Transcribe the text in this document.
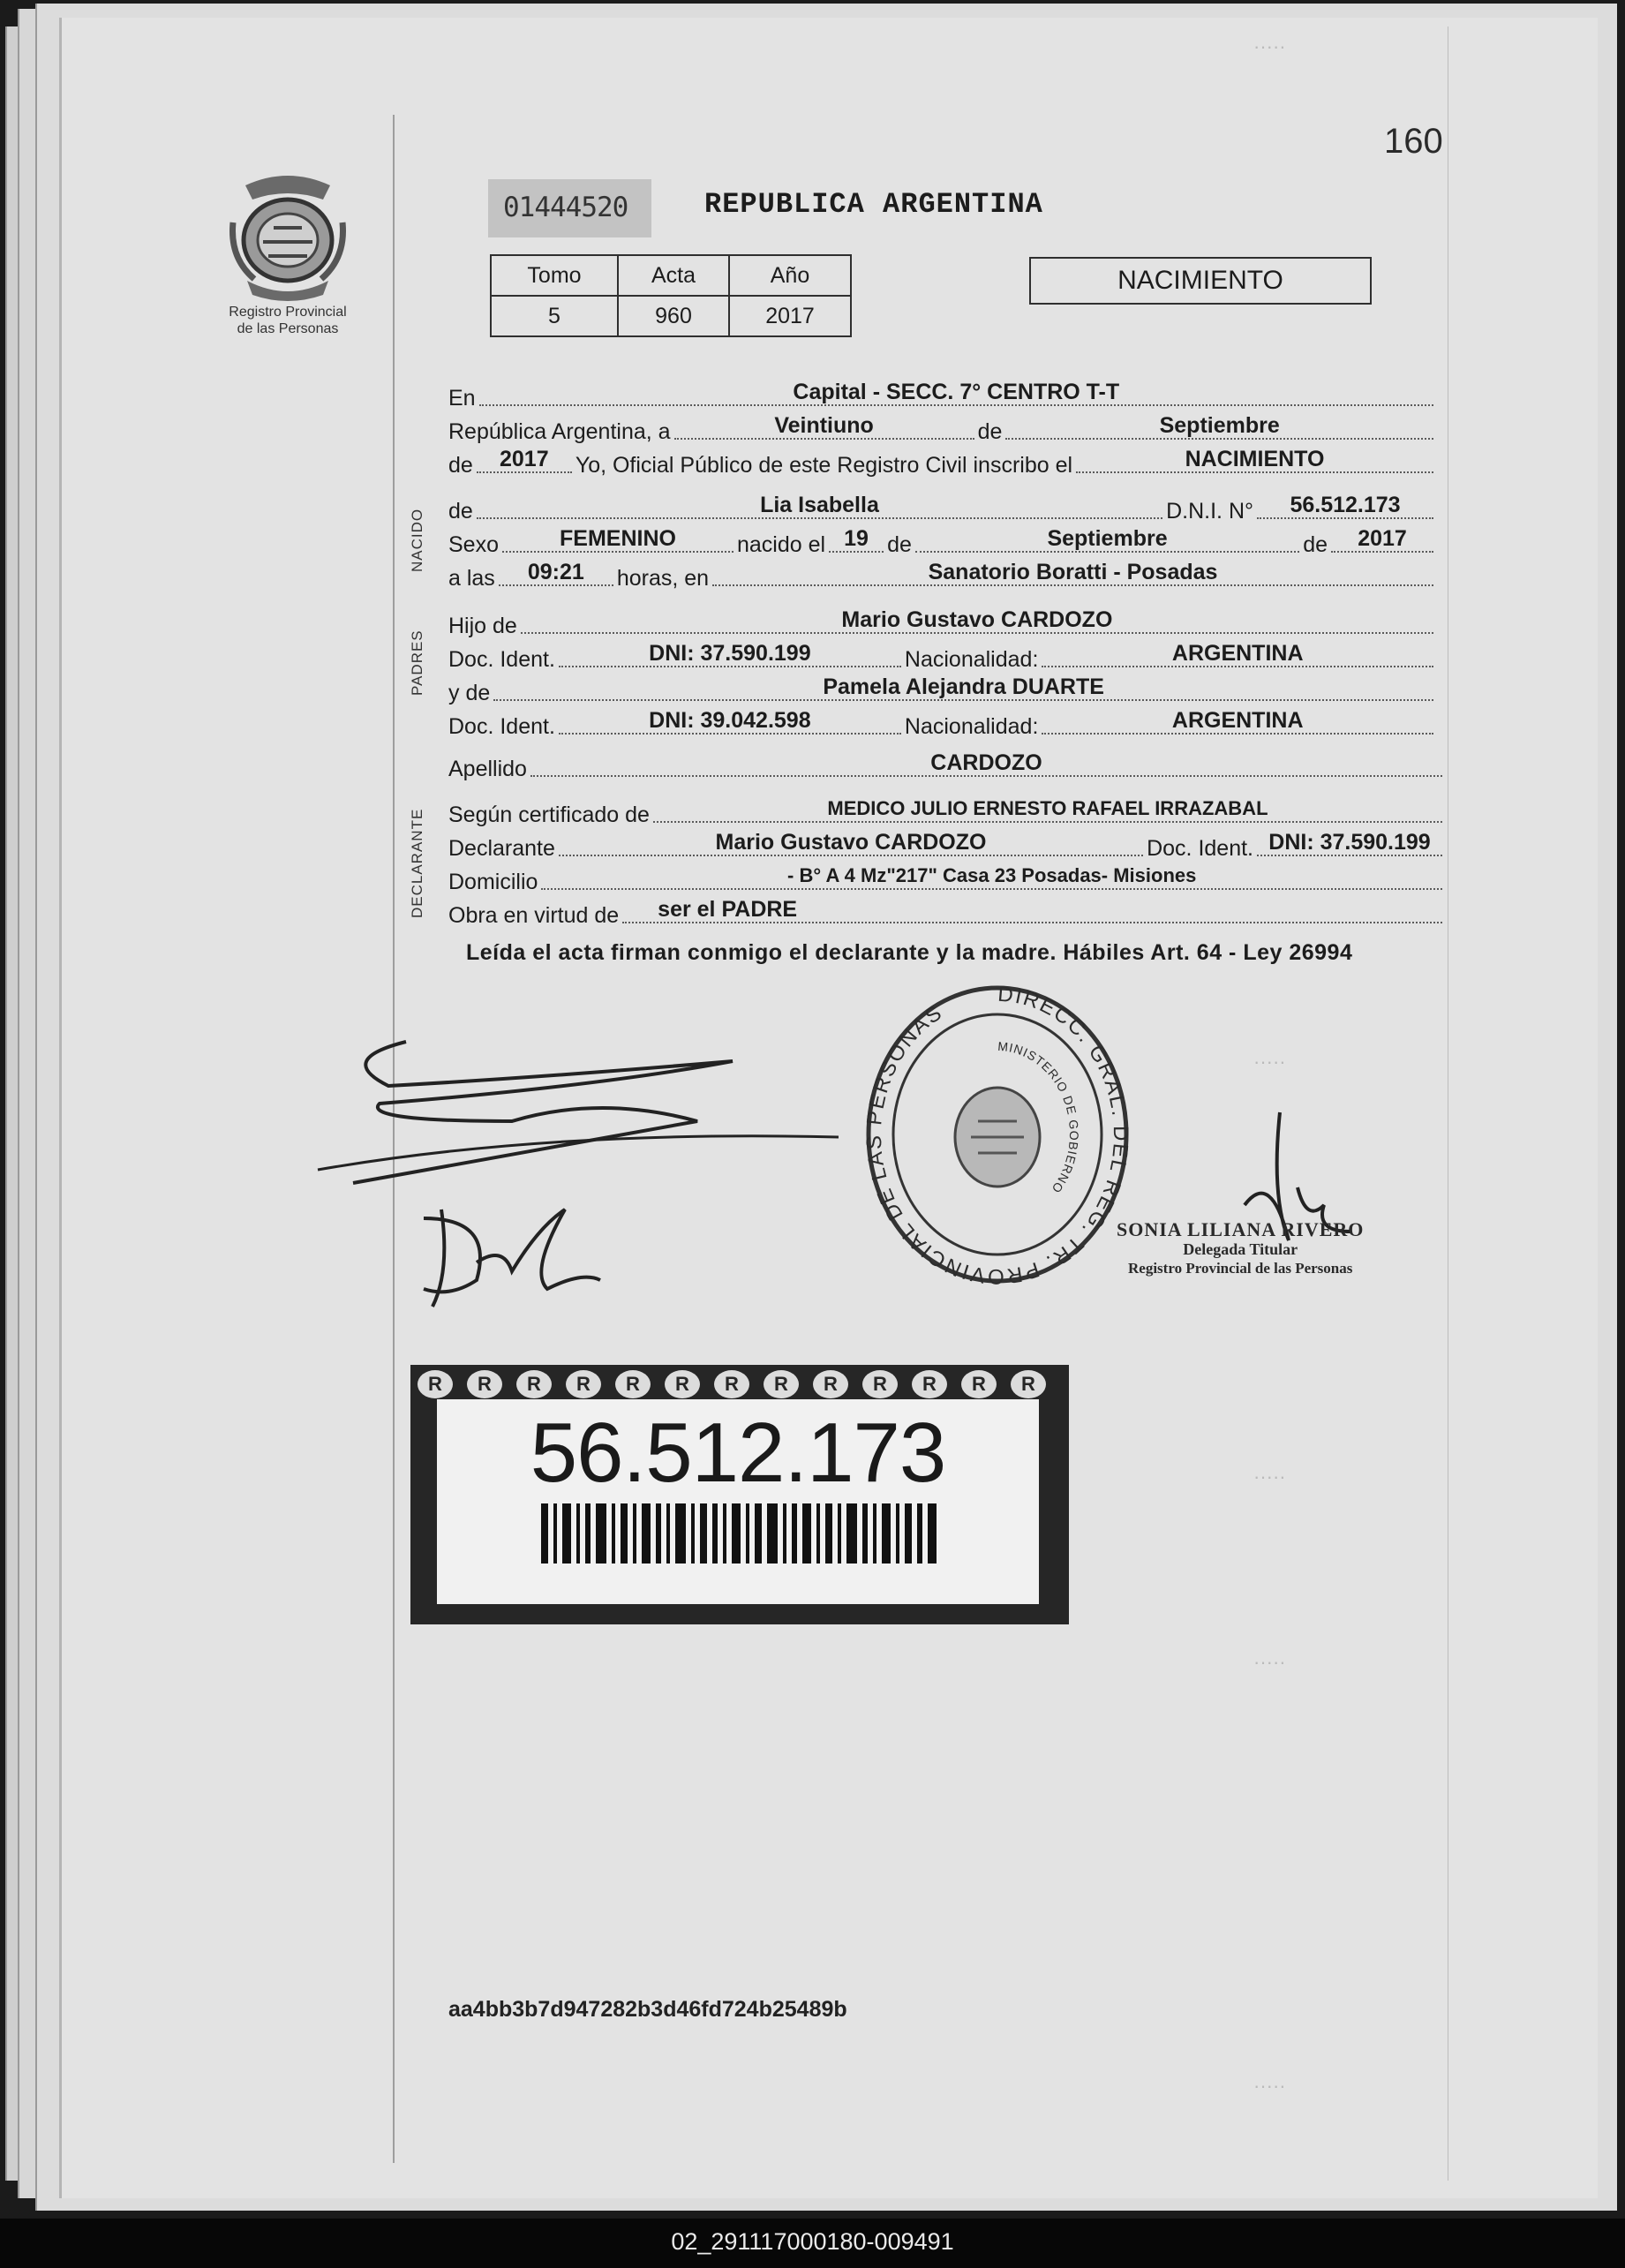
·····
·····
·····
·····
·····
160
Registro Provincial
de las Personas
01444520	REPUBLICA ARGENTINA
Tomo	Acta	Año
5	960	2017
NACIMIENTO
En	Capital - SECC. 7° CENTRO T-T
República Argentina, a	Veintiuno	de	Septiembre
de	2017	Yo, Oficial Público de este Registro Civil inscribo el	NACIMIENTO
NACIDO de	Lia Isabella	D.N.I. N°	56.512.173
Sexo	FEMENINO	nacido el 19 de	Septiembre	de	2017
a las	09:21	horas, en	Sanatorio Boratti - Posadas
PADRES
Hijo de	Mario Gustavo CARDOZO
Doc. Ident.	DNI: 37.590.199	Nacionalidad:	ARGENTINA
y de	Pamela Alejandra DUARTE
Doc. Ident.	DNI: 39.042.598	Nacionalidad:	ARGENTINA
Apellido	CARDOZO
DECLARANTE Según certificado de	MEDICO JULIO ERNESTO RAFAEL IRRAZABAL
Declarante	Mario Gustavo CARDOZO	Doc. Ident. DNI: 37.590.199
Domicilio	- B° A 4 Mz"217" Casa 23 Posadas- Misiones
Obra en virtud de	ser el PADRE
Leída el acta firman conmigo el declarante y la madre. Hábiles Art. 64 - Ley 26994
DIRECC. GRAL. DEL REG. TR. PROVINCIAL DE LAS PERSONAS
MINISTERIO DE GOBIERNO
SONIA LILIANA RIVERO
Delegada Titular
Registro Provincial de las Personas
R	R	R	R	R	R	R	R	R	R	R	R	R
56.512.173
aa4bb3b7d947282b3d46fd724b25489b
02_291117000180-009491
